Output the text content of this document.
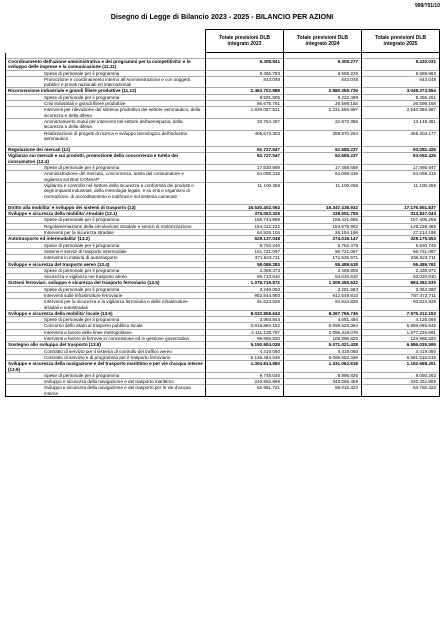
999/701/10
Disegno di Legge di Bilancio 2023 - 2025 - BILANCIO PER AZIONI
	Totale previsioni DLB integrato 2023	Totale previsioni DLB integrato 2024	Totale previsioni DLB integrato 2025

Coordinamento dell'azione amministrativa e dei programmi per la competitivita' e lo sviluppo delle imprese e la comunicazione (11.11)	9.308.841	9.309.277	9.432.031
Spese di personale per il programma	8.465.793	8.566.229	8.588.983
Promozione e coordinamento interno all'Amministrazione e con soggetti pubblici e privati nazionali ed internazionali	843.048	843.048	843.048
Riconversione industriale e grandi filiere produttive (11.12)	2.463.702.888	2.680.356.726	3.048.373.554
Spese di personale per il programma	8.591.805	9.222.489	9.456.251
Crisi industriali e grandi filiere produttive	86.675.761	26.598.158	26.598.158
Interventi per rilevazione del sistema produttivo del settore aeronautico, della sicurezza e della difesa	1.929.097.521	2.221.595.997	2.540.868.987
Ammortamento mutui per interventi nel settore dell'aerospazio, della sicurezza e della difesa	33.754.497	22.973.358	13.149.381
Realizzazione di progetti di ricerca e sviluppo tecnologico dell'industria aeronautica	405.673.303	399.970.284	458.303.177

Regolazione dei mercati (12)	92.727.547	92.685.237	93.092.425
Vigilanza sui mercati e sui prodotti, promozione della concorrenza e tutela dei consumatori (12.4)	92.727.547	92.685.237	93.092.425
Spese di personale per il programma	17.530.969	17.468.659	17.895.847
Amministrazione del mercato, concorrenza, tutela del consumatore e vigilanza sul Bnd CONSAP	64.098.319	64.098.319	64.098.319
Vigilanza e controllo nel settore della sicurezza e conformità dei prodotti e degli impianti industriali, della metrologia legale, e su enti e organismi di normazione, di accreditamento e notificati e sul sistema camerale	11.100.259	11.100.259	11.100.259

Diritto alla mobilita' e sviluppo dei sistemi di trasporto (13)	16.530.402.062	16.347.438.932	17.176.851.837
Sviluppo e sicurezza della mobilita' stradale (13.1)	375.063.325	338.591.755	313.847.043
Spese di personale per il programma	155.744.969	158.421.655	157.405.259
Regolamentazione della circolazione stradale e servizi di motorizzazione	154.412.222	153.975.902	129.228.486
Interventi per la sicurezza stradale	64.926.104	26.194.198	27.214.198
Autotrasporto ed intermodalita' (13.2)	529.137.048	274.019.147	329.175.553
Spese di personale per il programma	5.792.240	5.762.479	5.930.745
Sistemi e servizi di trasporto intermodale	151.721.097	96.721.097	56.721.097
Interventi in materia di autotrasporto	371.623.711	171.535.571	266.523.711
Sviluppo e sicurezza del trasporto aereo (13.4)	58.089.283	55.489.618	55.489.762
Spese di personale per il programma	2.369.473	2.468.808	2.438.972
Sicurezza e vigilanza nel trasporto aereo	55.710.810	53.020.810	53.020.810
Sistemi ferroviari, sviluppo e sicurezza del trasporto ferroviario (13.5)	1.078.715.872	1.009.455.622	884.362.530
Spese di personale per il programma	3.246.093	3.281.883	3.364.990
Interventi sulle infrastrutture ferroviarie	983.844.950	912.649.910	787.472.711
Interventi per la sicurezza e la vigilanza ferroviaria e delle infrastrutture stradali e autostradali	91.624.829	93.524.829	93.524.829
Sviluppo e sicurezza della mobilita' locale (13.6)	8.033.858.643	8.267.795.746	7.575.312.153
Spese di personale per il programma	3.993.844	4.081.494	4.126.066
Concorso dello Stato al trasporto pubblico locale	5.818.860.182	6.099.529.354	5.869.095.546
Interventi a favore delle linee metropolitane	2.111.125.797	2.055.318.078	1.577.225.691
Interventi a favore di ferrovie in concessione ed in gestione governativa	99.866.820	108.866.820	124.866.820
Sostegno allo sviluppo del trasporto (13.8)	5.150.904.028	5.071.021.428	6.586.035.595
Contratto di servizio per il sistema di controllo del traffico aereo	4.419.080	4.419.080	4.419.080
Contratto di servizio e di programma per il trasporto ferroviario	5.146.484.948	5.066.602.348	6.581.616.515
Sviluppo e sicurezza della navigazione e del trasporto marittimo e per vie d'acqua interne (13.9)	1.304.814.883	1.331.062.618	1.152.658.201
Spese di personale per il programma	8.749.040	8.896.825	9.050.263
Sviluppo e sicurezza della navigazione e del trasporto marittimo	240.982.899	340.085.459	332.452.899
Sviluppo e sicurezza della navigazione e del trasporto per le vie d'acqua interne	62.981.721	58.015.323	54.755.323
